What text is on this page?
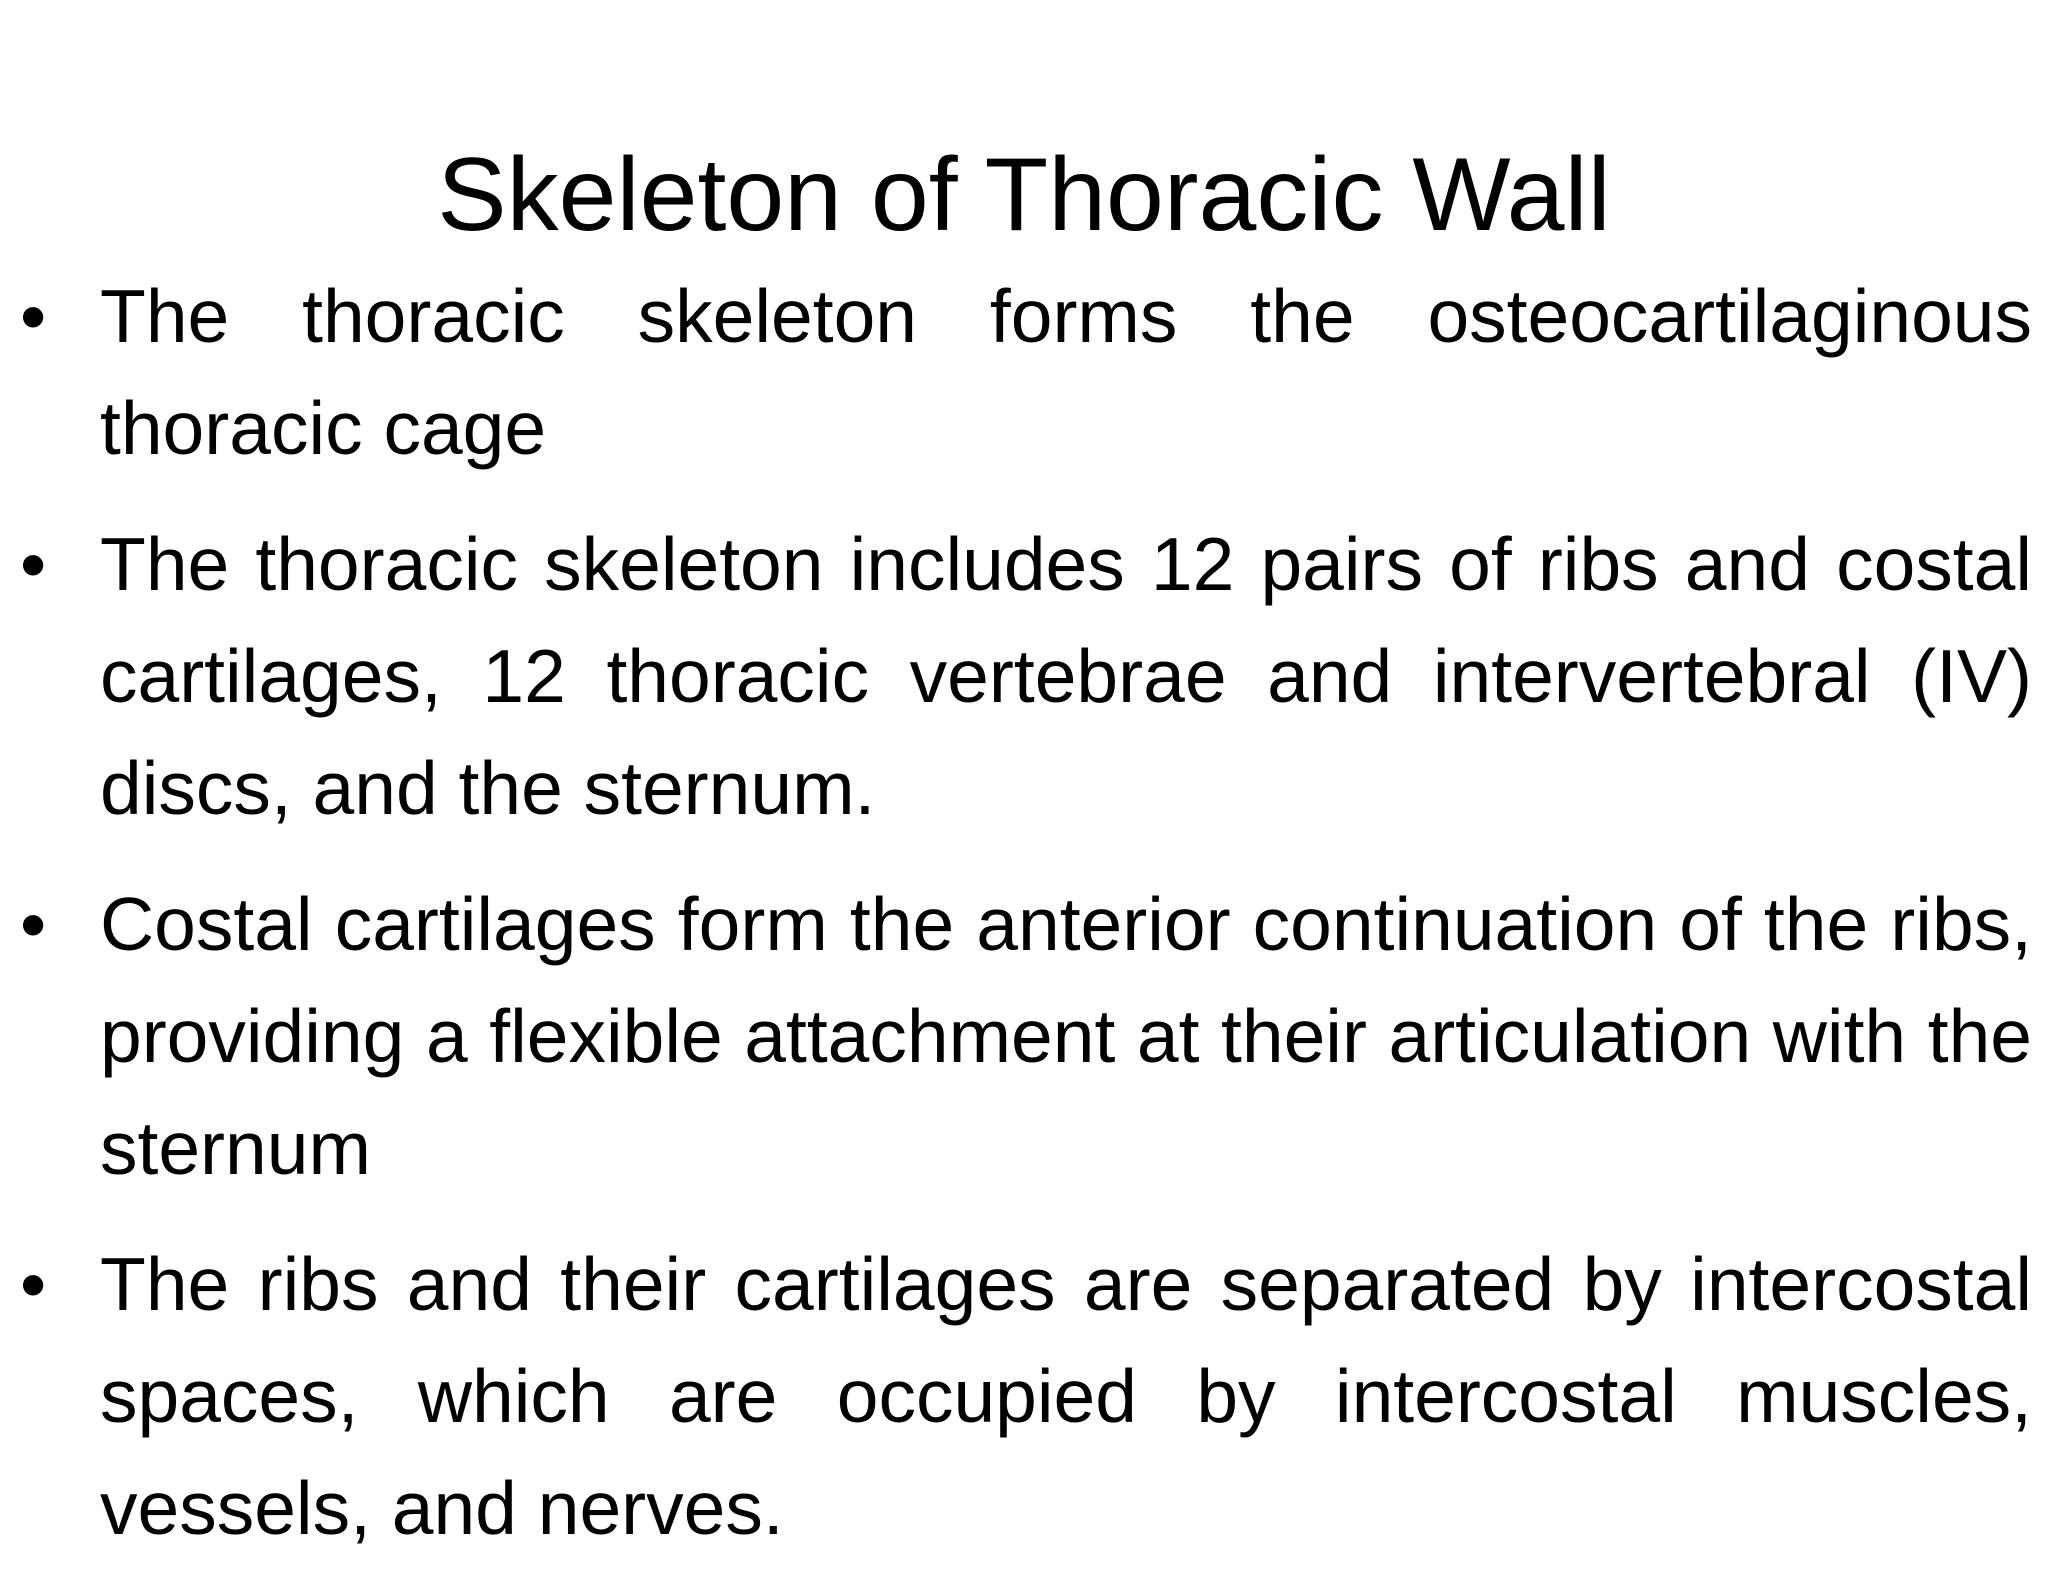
Skeleton of Thoracic Wall
• The thoracic skeleton forms the osteocartilaginous thoracic cage
• The thoracic skeleton includes 12 pairs of ribs and costal cartilages, 12 thoracic vertebrae and intervertebral (IV) discs, and the sternum.
• Costal cartilages form the anterior continuation of the ribs, providing a flexible attachment at their articulation with the sternum
• The ribs and their cartilages are separated by intercostal spaces, which are occupied by intercostal muscles, vessels, and nerves.
